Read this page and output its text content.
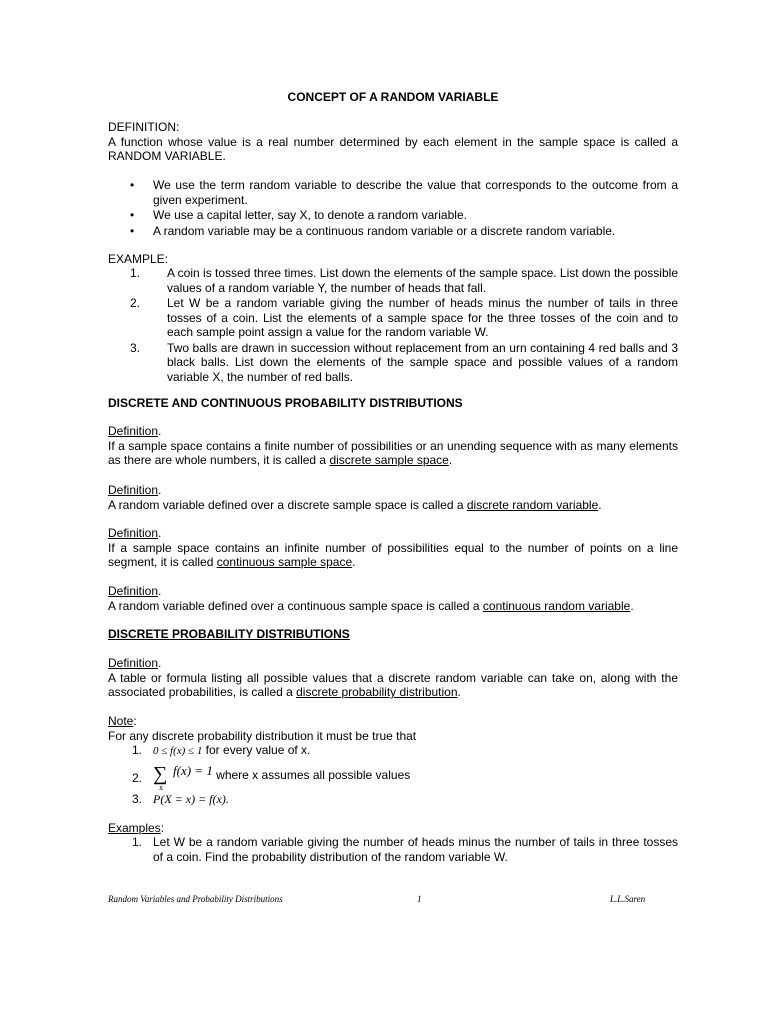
CONCEPT OF A RANDOM VARIABLE
DEFINITION:
A function whose value is a real number determined by each element in the sample space is called a RANDOM VARIABLE.
• We use the term random variable to describe the value that corresponds to the outcome from a given experiment.
• We use a capital letter, say X, to denote a random variable.
• A random variable may be a continuous random variable or a discrete random variable.
EXAMPLE:
1. A coin is tossed three times. List down the elements of the sample space. List down the possible values of a random variable Y, the number of heads that fall.
2. Let W be a random variable giving the number of heads minus the number of tails in three tosses of a coin. List the elements of a sample space for the three tosses of the coin and to each sample point assign a value for the random variable W.
3. Two balls are drawn in succession without replacement from an urn containing 4 red balls and 3 black balls. List down the elements of the sample space and possible values of a random variable X, the number of red balls.
DISCRETE AND CONTINUOUS PROBABILITY DISTRIBUTIONS
Definition.
If a sample space contains a finite number of possibilities or an unending sequence with as many elements as there are whole numbers, it is called a discrete sample space.
Definition.
A random variable defined over a discrete sample space is called a discrete random variable.
Definition.
If a sample space contains an infinite number of possibilities equal to the number of points on a line segment, it is called continuous sample space.
Definition.
A random variable defined over a continuous sample space is called a continuous random variable.
DISCRETE PROBABILITY DISTRIBUTIONS
Definition.
A table or formula listing all possible values that a discrete random variable can take on, along with the associated probabilities, is called a discrete probability distribution.
Note:
For any discrete probability distribution it must be true that
1. 0 ≤ f(x) ≤ 1 for every value of x.
2. ∑
x
f(x) = 1 where x assumes all possible values
3. P(X = x) = f(x).
Examples:
1. Let W be a random variable giving the number of heads minus the number of tails in three tosses of a coin. Find the probability distribution of the random variable W.
Random Variables and Probability Distributions	1	L.L.Saren
